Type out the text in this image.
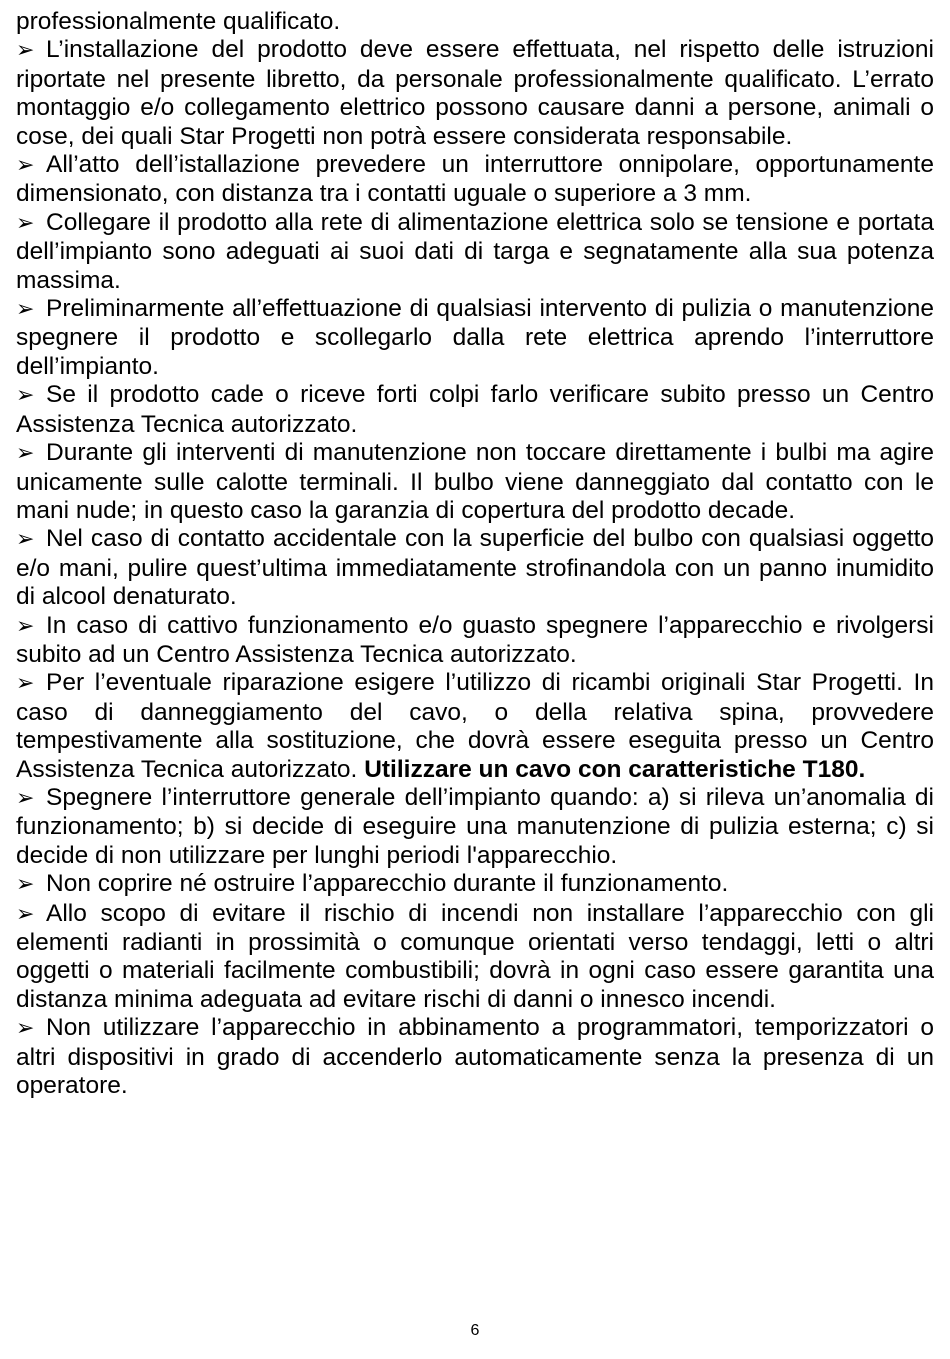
professionalmente qualificato.

➢ L’installazione del prodotto deve essere effettuata, nel rispetto delle istruzioni riportate nel presente libretto, da personale professionalmente qualificato. L’errato montaggio e/o collegamento elettrico possono causare danni a persone, animali o cose, dei quali Star Progetti non potrà essere considerata responsabile.

➢ All’atto dell’istallazione prevedere un interruttore onnipolare, opportunamente dimensionato, con distanza tra i contatti uguale o superiore a 3 mm.

➢ Collegare il prodotto alla rete di alimentazione elettrica solo se tensione e portata dell’impianto sono adeguati ai suoi dati di targa e segnatamente alla sua potenza massima.

➢ Preliminarmente all’effettuazione di qualsiasi intervento di pulizia o manutenzione spegnere il prodotto e scollegarlo dalla rete elettrica aprendo l’interruttore dell’impianto.

➢ Se il prodotto cade o riceve forti colpi farlo verificare subito presso un Centro Assistenza Tecnica autorizzato.

➢ Durante gli interventi di manutenzione non toccare direttamente i bulbi ma agire unicamente sulle calotte terminali. Il bulbo viene danneggiato dal contatto con le mani nude; in questo caso la garanzia di copertura del prodotto decade.

➢ Nel caso di contatto accidentale con la superficie del bulbo con qualsiasi oggetto e/o mani, pulire quest’ultima immediatamente strofinandola con un panno inumidito di alcool denaturato.

➢ In caso di cattivo funzionamento e/o guasto spegnere l’apparecchio e rivolgersi subito ad un Centro Assistenza Tecnica autorizzato.

➢ Per l’eventuale riparazione esigere l’utilizzo di ricambi originali Star Progetti. In caso di danneggiamento del cavo, o della relativa spina, provvedere tempestivamente alla sostituzione, che dovrà essere eseguita presso un Centro Assistenza Tecnica autorizzato. Utilizzare un cavo con caratteristiche T180.

➢ Spegnere l’interruttore generale dell’impianto quando: a) si rileva un’anomalia di funzionamento; b) si decide di eseguire una manutenzione di pulizia esterna; c) si decide di non utilizzare per lunghi periodi l'apparecchio.

➢ Non coprire né ostruire l’apparecchio durante il funzionamento.

➢ Allo scopo di evitare il rischio di incendi non installare l’apparecchio con gli elementi radianti in prossimità o comunque orientati verso tendaggi, letti o altri oggetti o materiali facilmente combustibili; dovrà in ogni caso essere garantita una distanza minima adeguata ad evitare rischi di danni o innesco incendi.

➢ Non utilizzare l’apparecchio in abbinamento a programmatori, temporizzatori o altri dispositivi in grado di accenderlo automaticamente senza la presenza di un operatore.

6
